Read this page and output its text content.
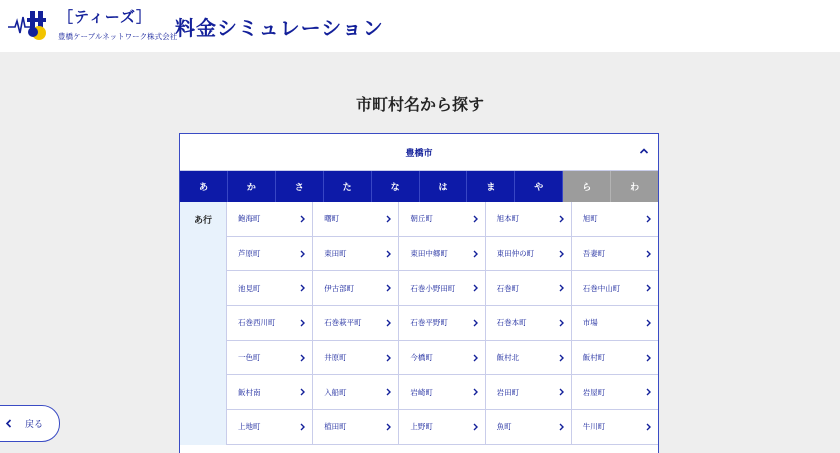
［ティーズ］
豊橋ケーブルネットワーク株式会社
料金シミュレーション
市町村名から探す
豊橋市
あ	か	さ	た	な	は	ま	や	ら	わ
あ行	飽海町	曙町	朝丘町	旭本町	旭町
芦原町	東田町	東田中郷町	東田仲の町	吾妻町
池見町	伊古部町	石巻小野田町	石巻町	石巻中山町
石巻西川町	石巻萩平町	石巻平野町	石巻本町	市場
一色町	井原町	今橋町	飯村北	飯村町
飯村南	入船町	岩崎町	岩田町	岩屋町
上地町	植田町	上野町	魚町	牛川町
戻る
